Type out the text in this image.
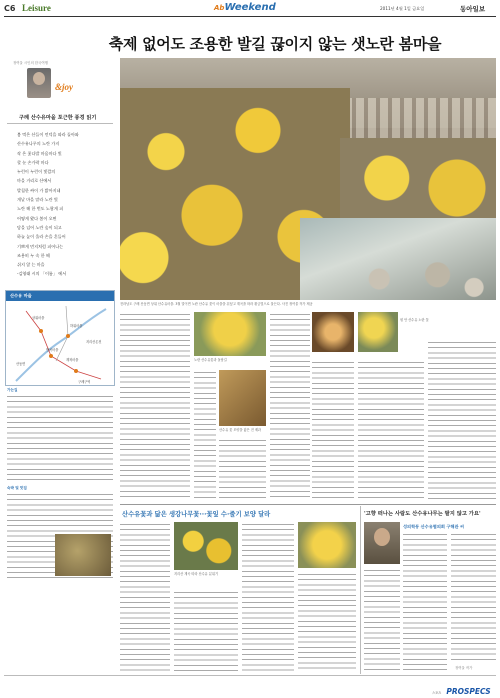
C6 Leisure	AbWeekend	2011년 4월 1일 금요일	동아일보
축제 없어도 조용한 발길 끊이지 않는 샛노란 봄마을
정여울 시인의 한국여행
&joy
구례 산수유마을 포근한 풍경 읽기
봄 먹은 산들이 언덕을 따라 돌아와
산수유나무의 노란 가지
작 은 꽃다발 마음마다 빛
할 눈 손가락 마다
누런이 누런이 빛깔의
마을 거리로 산에서
발칠한 싸이 가 밝아지네
개날 마을 말라 노란 빛
노란 해 한 번도 노랗게 피
어떻게 왔다 봄이 오면
담을 넘어 노란 숲이 되고
하늘 높이 올라 손을 흔들어
기쁘게 먼지처럼 피어나는
조용히 누 속 한 해
쉬지 않 는 마을
-김영래 시의 「이름」 에서
산수유 마을
상위마을
하위마을
반곡마을
계척마을
구례구역
산동면
지리산온천
가는길
숙박 및 맛집
전라남도 구례 산동면 상위 산수유마을. 3월 말이면 노란 산수유 꽃이 마을을 뒤덮고 계곡을 따라 황금빛으로 물든다. 사진 정여울 작가 제공
노란 산수유꽃과 돌담길
산수유 꽃 모양을 닮은 전 제과
원 안 산수유 노란 꽃
산수유꽃과 닮은 생강나무꽃···꽃잎 수·줄기 보양 달라
지리산 계곡 따라 산수유 분위기
'고향 떠나는 사람도 산수유나무는 팔지 않고 가요'
성의학동 산수유협의회 구해관 씨
정여울 작가
스포츠 PROSPECS
